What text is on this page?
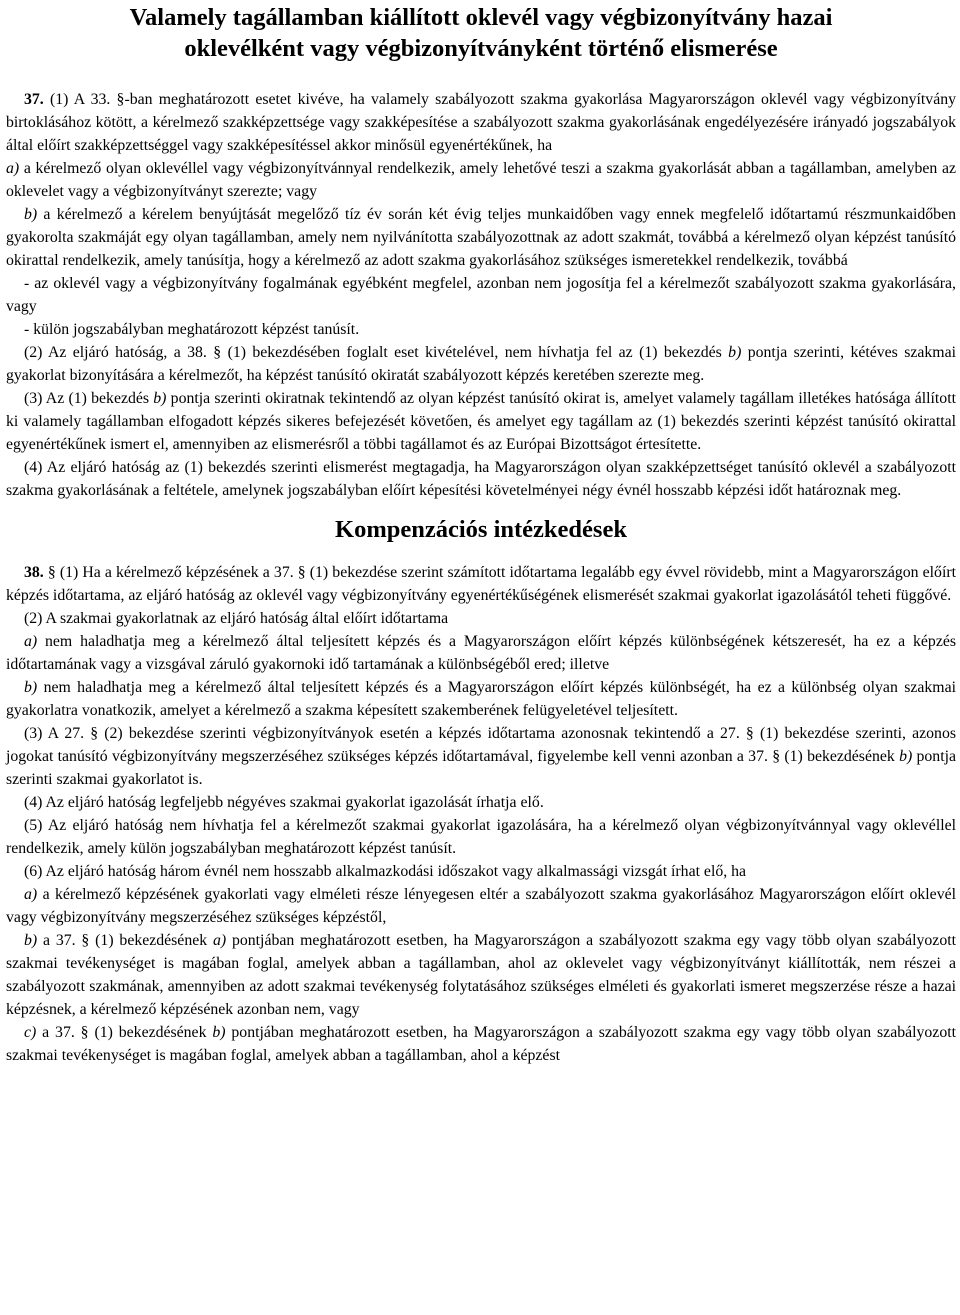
Valamely tagállamban kiállított oklevél vagy végbizonyítvány hazai
oklevélként vagy végbizonyítványként történő elismerése

37. (1) A 33. §-ban meghatározott esetet kivéve, ha valamely szabályozott szakma gyakorlása Magyarországon oklevél vagy végbizonyítvány birtoklásához kötött, a kérelmező szakképzettsége vagy szakképesítése a szabályozott szakma gyakorlásának engedélyezésére irányadó jogszabályok által előírt szakképzettséggel vagy szakképesítéssel akkor minősül egyenértékűnek, ha

a) a kérelmező olyan oklevéllel vagy végbizonyítvánnyal rendelkezik, amely lehetővé teszi a szakma gyakorlását abban a tagállamban, amelyben az oklevelet vagy a végbizonyítványt szerezte; vagy

b) a kérelmező a kérelem benyújtását megelőző tíz év során két évig teljes munkaidőben vagy ennek megfelelő időtartamú részmunkaidőben gyakorolta szakmáját egy olyan tagállamban, amely nem nyilvánította szabályozottnak az adott szakmát, továbbá a kérelmező olyan képzést tanúsító okirattal rendelkezik, amely tanúsítja, hogy a kérelmező az adott szakma gyakorlásához szükséges ismeretekkel rendelkezik, továbbá

- az oklevél vagy a végbizonyítvány fogalmának egyébként megfelel, azonban nem jogosítja fel a kérelmezőt szabályozott szakma gyakorlására, vagy

- külön jogszabályban meghatározott képzést tanúsít.

(2) Az eljáró hatóság, a 38. § (1) bekezdésében foglalt eset kivételével, nem hívhatja fel az (1) bekezdés b) pontja szerinti, kétéves szakmai gyakorlat bizonyítására a kérelmezőt, ha képzést tanúsító okiratát szabályozott képzés keretében szerezte meg.

(3) Az (1) bekezdés b) pontja szerinti okiratnak tekintendő az olyan képzést tanúsító okirat is, amelyet valamely tagállam illetékes hatósága állított ki valamely tagállamban elfogadott képzés sikeres befejezését követően, és amelyet egy tagállam az (1) bekezdés szerinti képzést tanúsító okirattal egyenértékűnek ismert el, amennyiben az elismerésről a többi tagállamot és az Európai Bizottságot értesítette.

(4) Az eljáró hatóság az (1) bekezdés szerinti elismerést megtagadja, ha Magyarországon olyan szakképzettséget tanúsító oklevél a szabályozott szakma gyakorlásának a feltétele, amelynek jogszabályban előírt képesítési követelményei négy évnél hosszabb képzési időt határoznak meg.

Kompenzációs intézkedések

38. § (1) Ha a kérelmező képzésének a 37. § (1) bekezdése szerint számított időtartama legalább egy évvel rövidebb, mint a Magyarországon előírt képzés időtartama, az eljáró hatóság az oklevél vagy végbizonyítvány egyenértékűségének elismerését szakmai gyakorlat igazolásától teheti függővé.

(2) A szakmai gyakorlatnak az eljáró hatóság által előírt időtartama

a) nem haladhatja meg a kérelmező által teljesített képzés és a Magyarországon előírt képzés különbségének kétszeresét, ha ez a képzés időtartamának vagy a vizsgával záruló gyakornoki idő tartamának a különbségéből ered; illetve

b) nem haladhatja meg a kérelmező által teljesített képzés és a Magyarországon előírt képzés különbségét, ha ez a különbség olyan szakmai gyakorlatra vonatkozik, amelyet a kérelmező a szakma képesített szakemberének felügyeletével teljesített.

(3) A 27. § (2) bekezdése szerinti végbizonyítványok esetén a képzés időtartama azonosnak tekintendő a 27. § (1) bekezdése szerinti, azonos jogokat tanúsító végbizonyítvány megszerzéséhez szükséges képzés időtartamával, figyelembe kell venni azonban a 37. § (1) bekezdésének b) pontja szerinti szakmai gyakorlatot is.

(4) Az eljáró hatóság legfeljebb négyéves szakmai gyakorlat igazolását írhatja elő.

(5) Az eljáró hatóság nem hívhatja fel a kérelmezőt szakmai gyakorlat igazolására, ha a kérelmező olyan végbizonyítvánnyal vagy oklevéllel rendelkezik, amely külön jogszabályban meghatározott képzést tanúsít.

(6) Az eljáró hatóság három évnél nem hosszabb alkalmazkodási időszakot vagy alkalmassági vizsgát írhat elő, ha

a) a kérelmező képzésének gyakorlati vagy elméleti része lényegesen eltér a szabályozott szakma gyakorlásához Magyarországon előírt oklevél vagy végbizonyítvány megszerzéséhez szükséges képzéstől,

b) a 37. § (1) bekezdésének a) pontjában meghatározott esetben, ha Magyarországon a szabályozott szakma egy vagy több olyan szabályozott szakmai tevékenységet is magában foglal, amelyek abban a tagállamban, ahol az oklevelet vagy végbizonyítványt kiállították, nem részei a szabályozott szakmának, amennyiben az adott szakmai tevékenység folytatásához szükséges elméleti és gyakorlati ismeret megszerzése része a hazai képzésnek, a kérelmező képzésének azonban nem, vagy

c) a 37. § (1) bekezdésének b) pontjában meghatározott esetben, ha Magyarországon a szabályozott szakma egy vagy több olyan szabályozott szakmai tevékenységet is magában foglal, amelyek abban a tagállamban, ahol a képzést
